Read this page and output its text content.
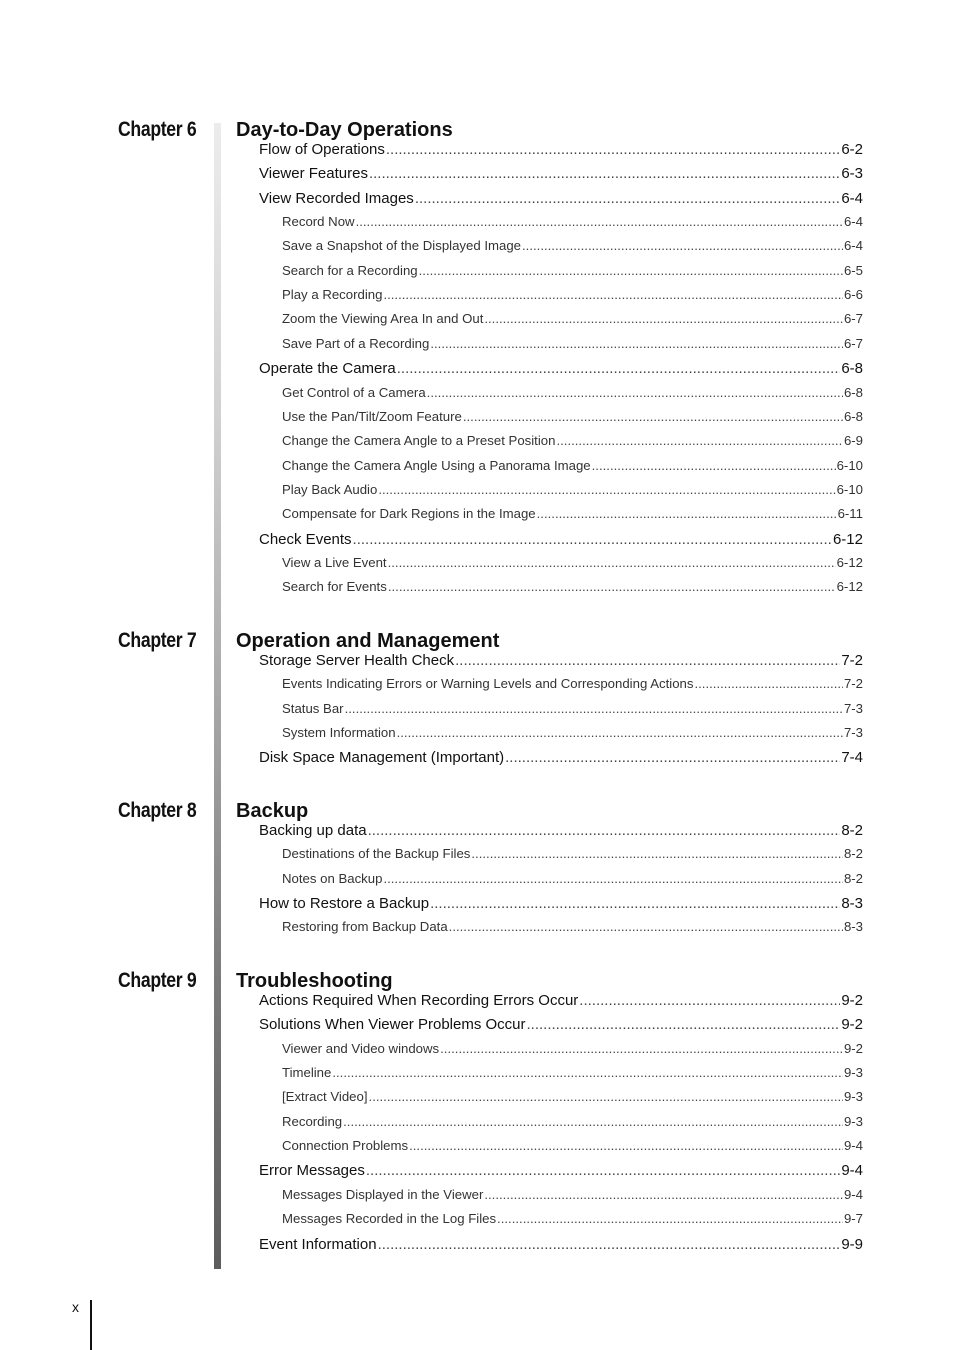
Chapter 6 Day-to-Day Operations
Flow of Operations .....	6-2
Viewer Features .....	6-3
View Recorded Images .....	6-4
Record Now .....	6-4
Save a Snapshot of the Displayed Image .....	6-4
Search for a Recording .....	6-5
Play a Recording .....	6-6
Zoom the Viewing Area In and Out .....	6-7
Save Part of a Recording .....	6-7
Operate the Camera .....	6-8
Get Control of a Camera .....	6-8
Use the Pan/Tilt/Zoom Feature .....	6-8
Change the Camera Angle to a Preset Position .....	6-9
Change the Camera Angle Using a Panorama Image .....	6-10
Play Back Audio .....	6-10
Compensate for Dark Regions in the Image .....	6-11
Check Events .....	6-12
View a Live Event .....	6-12
Search for Events .....	6-12
Chapter 7 Operation and Management
Storage Server Health Check .....	7-2
Events Indicating Errors or Warning Levels and Corresponding Actions .....	7-2
Status Bar .....	7-3
System Information .....	7-3
Disk Space Management (Important) .....	7-4
Chapter 8 Backup
Backing up data .....	8-2
Destinations of the Backup Files .....	8-2
Notes on Backup .....	8-2
How to Restore a Backup .....	8-3
Restoring from Backup Data .....	8-3
Chapter 9 Troubleshooting
Actions Required When Recording Errors Occur .....	9-2
Solutions When Viewer Problems Occur .....	9-2
Viewer and Video windows .....	9-2
Timeline .....	9-3
[Extract Video] .....	9-3
Recording .....	9-3
Connection Problems .....	9-4
Error Messages .....	9-4
Messages Displayed in the Viewer .....	9-4
Messages Recorded in the Log Files .....	9-7
Event Information .....	9-9

x
